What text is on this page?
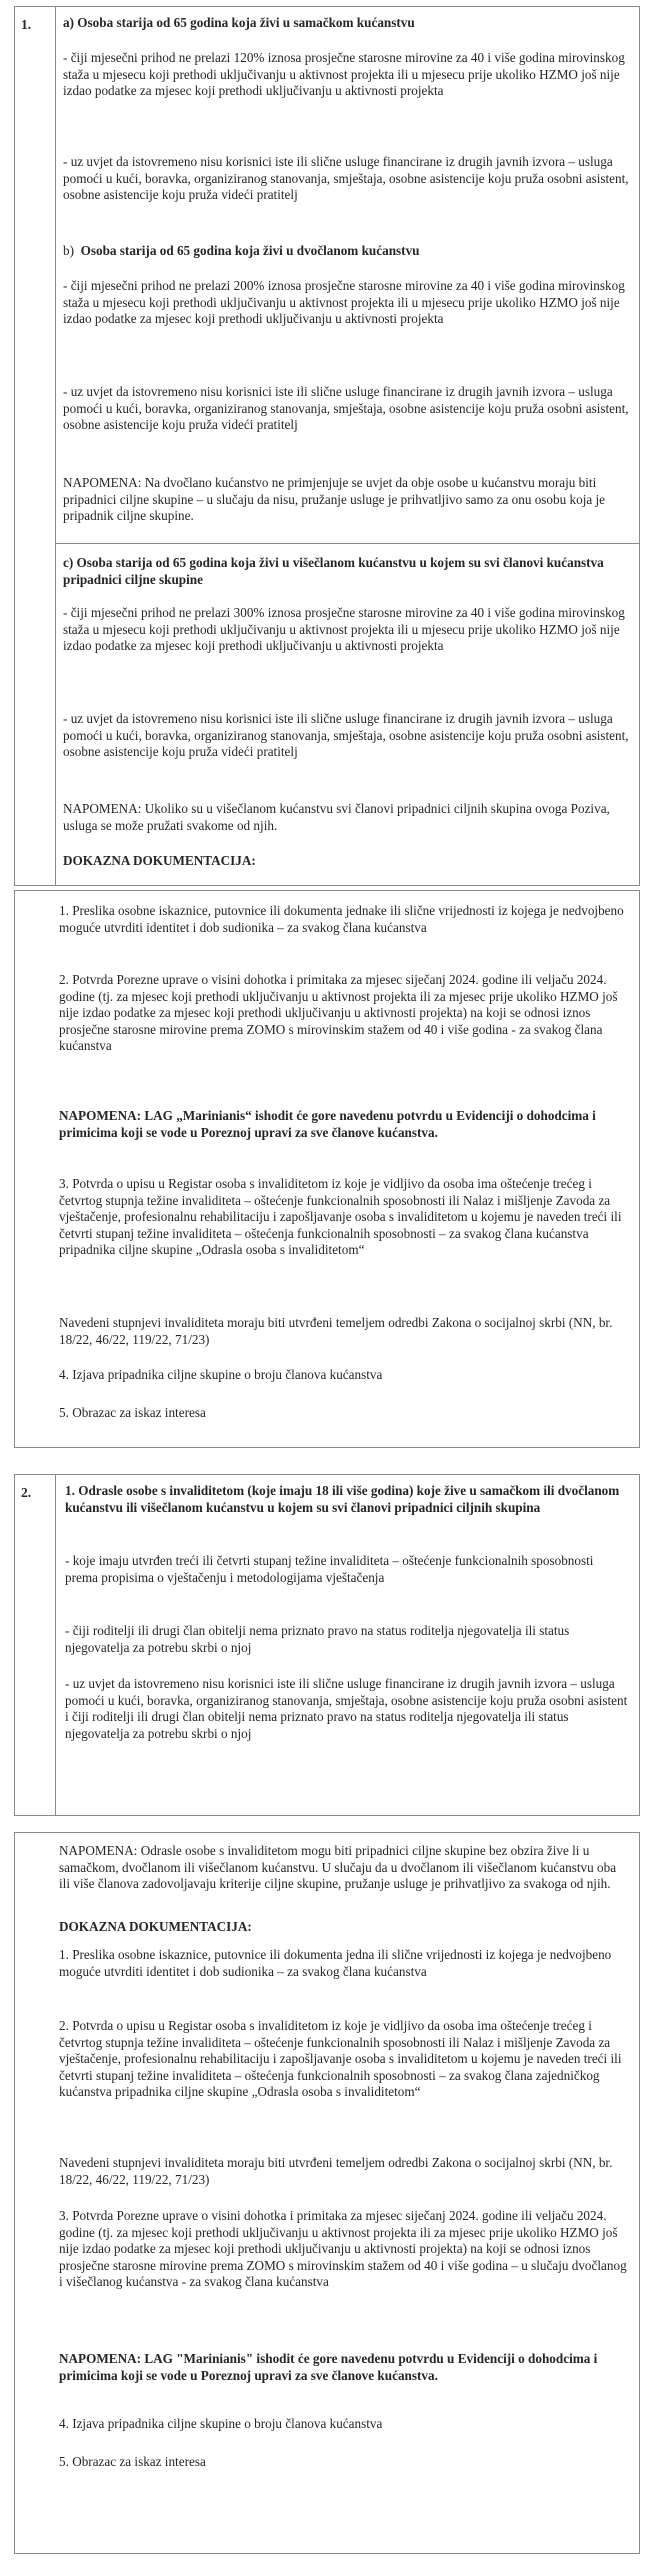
1. a) Osoba starija od 65 godina koja živi u samačkom kućanstvu

- čiji mjesečni prihod ne prelazi 120% iznosa prosječne starosne mirovine za 40 i više godina mirovinskog staža u mjesecu koji prethodi uključivanju u aktivnost projekta ili u mjesecu prije ukoliko HZMO još nije izdao podatke za mjesec koji prethodi uključivanju u aktivnosti projekta

- uz uvjet da istovremeno nisu korisnici iste ili slične usluge financirane iz drugih javnih izvora – usluga pomoći u kući, boravka, organiziranog stanovanja, smještaja, osobne asistencije koju pruža osobni asistent, osobne asistencije koju pruža videći pratitelj

b) Osoba starija od 65 godina koja živi u dvočlanom kućanstvu

- čiji mjesečni prihod ne prelazi 200% iznosa prosječne starosne mirovine za 40 i više godina mirovinskog staža u mjesecu koji prethodi uključivanju u aktivnost projekta ili u mjesecu prije ukoliko HZMO još nije izdao podatke za mjesec koji prethodi uključivanju u aktivnosti projekta

- uz uvjet da istovremeno nisu korisnici iste ili slične usluge financirane iz drugih javnih izvora – usluga pomoći u kući, boravka, organiziranog stanovanja, smještaja, osobne asistencije koju pruža osobni asistent, osobne asistencije koju pruža videći pratitelj

NAPOMENA: Na dvočlano kućanstvo ne primjenjuje se uvjet da obje osobe u kućanstvu moraju biti pripadnici ciljne skupine – u slučaju da nisu, pružanje usluge je prihvatljivo samo za onu osobu koja je pripadnik ciljne skupine.

c) Osoba starija od 65 godina koja živi u višečlanom kućanstvu u kojem su svi članovi kućanstva pripadnici ciljne skupine

- čiji mjesečni prihod ne prelazi 300% iznosa prosječne starosne mirovine za 40 i više godina mirovinskog staža u mjesecu koji prethodi uključivanju u aktivnost projekta ili u mjesecu prije ukoliko HZMO još nije izdao podatke za mjesec koji prethodi uključivanju u aktivnosti projekta

- uz uvjet da istovremeno nisu korisnici iste ili slične usluge financirane iz drugih javnih izvora – usluga pomoći u kući, boravka, organiziranog stanovanja, smještaja, osobne asistencije koju pruža osobni asistent, osobne asistencije koju pruža videći pratitelj

NAPOMENA: Ukoliko su u višečlanom kućanstvu svi članovi pripadnici ciljnih skupina ovoga Poziva, usluga se može pružati svakome od njih.

DOKAZNA DOKUMENTACIJA:

1. Preslika osobne iskaznice, putovnice ili dokumenta jednake ili slične vrijednosti iz kojega je nedvojbeno moguće utvrditi identitet i dob sudionika – za svakog člana kućanstva

2. Potvrda Porezne uprave o visini dohotka i primitaka za mjesec siječanj 2024. godine ili veljaču 2024. godine (tj. za mjesec koji prethodi uključivanju u aktivnost projekta ili za mjesec prije ukoliko HZMO još nije izdao podatke za mjesec koji prethodi uključivanju u aktivnosti projekta) na koji se odnosi iznos prosječne starosne mirovine prema ZOMO s mirovinskim stažem od 40 i više godina - za svakog člana kućanstva

NAPOMENA: LAG „Marinianis“ ishodit će gore navedenu potvrdu u Evidenciji o dohodcima i primicima koji se vode u Poreznoj upravi za sve članove kućanstva.

3. Potvrda o upisu u Registar osoba s invaliditetom iz koje je vidljivo da osoba ima oštećenje trećeg i četvrtog stupnja težine invaliditeta – oštećenje funkcionalnih sposobnosti ili Nalaz i mišljenje Zavoda za vještačenje, profesionalnu rehabilitaciju i zapošljavanje osoba s invaliditetom u kojemu je naveden treći ili četvrti stupanj težine invaliditeta – oštećenja funkcionalnih sposobnosti – za svakog člana kućanstva pripadnika ciljne skupine „Odrasla osoba s invaliditetom“

Navedeni stupnjevi invaliditeta moraju biti utvrđeni temeljem odredbi Zakona o socijalnoj skrbi (NN, br. 18/22, 46/22, 119/22, 71/23)

4. Izjava pripadnika ciljne skupine o broju članova kućanstva

5. Obrazac za iskaz interesa

2.	1. Odrasle osobe s invaliditetom (koje imaju 18 ili više godina) koje žive u samačkom ili dvočlanom kućanstvu ili višečlanom kućanstvu u kojem su svi članovi pripadnici ciljnih skupina

- koje imaju utvrđen treći ili četvrti stupanj težine invaliditeta – oštećenje funkcionalnih sposobnosti prema propisima o vještačenju i metodologijama vještačenja

- čiji roditelji ili drugi član obitelji nema priznato pravo na status roditelja njegovatelja ili status njegovatelja za potrebu skrbi o njoj

- uz uvjet da istovremeno nisu korisnici iste ili slične usluge financirane iz drugih javnih izvora – usluga pomoći u kući, boravka, organiziranog stanovanja, smještaja, osobne asistencije koju pruža osobni asistent i čiji roditelji ili drugi član obitelji nema priznato pravo na status roditelja njegovatelja ili status njegovatelja za potrebu skrbi o njoj

NAPOMENA: Odrasle osobe s invaliditetom mogu biti pripadnici ciljne skupine bez obzira žive li u samačkom, dvočlanom ili višečlanom kućanstvu. U slučaju da u dvočlanom ili višečlanom kućanstvu oba ili više članova zadovoljavaju kriterije ciljne skupine, pružanje usluge je prihvatljivo za svakoga od njih.

DOKAZNA DOKUMENTACIJA:

1. Preslika osobne iskaznice, putovnice ili dokumenta jedna ili slične vrijednosti iz kojega je nedvojbeno moguće utvrditi identitet i dob sudionika – za svakog člana kućanstva

2. Potvrda o upisu u Registar osoba s invaliditetom iz koje je vidljivo da osoba ima oštećenje trećeg i četvrtog stupnja težine invaliditeta – oštećenje funkcionalnih sposobnosti ili Nalaz i mišljenje Zavoda za vještačenje, profesionalnu rehabilitaciju i zapošljavanje osoba s invaliditetom u kojemu je naveden treći ili četvrti stupanj težine invaliditeta – oštećenja funkcionalnih sposobnosti – za svakog člana zajedničkog kućanstva pripadnika ciljne skupine „Odrasla osoba s invaliditetom“

Navedeni stupnjevi invaliditeta moraju biti utvrđeni temeljem odredbi Zakona o socijalnoj skrbi (NN, br. 18/22, 46/22, 119/22, 71/23)

3. Potvrda Porezne uprave o visini dohotka i primitaka za mjesec siječanj 2024. godine ili veljaču 2024. godine (tj. za mjesec koji prethodi uključivanju u aktivnost projekta ili za mjesec prije ukoliko HZMO još nije izdao podatke za mjesec koji prethodi uključivanju u aktivnosti projekta) na koji se odnosi iznos prosječne starosne mirovine prema ZOMO s mirovinskim stažem od 40 i više godina – u slučaju dvočlanog i višečlanog kućanstva - za svakog člana kućanstva

NAPOMENA: LAG "Marinianis" ishodit će gore navedenu potvrdu u Evidenciji o dohodcima i primicima koji se vode u Poreznoj upravi za sve članove kućanstva.

4. Izjava pripadnika ciljne skupine o broju članova kućanstva

5. Obrazac za iskaz interesa
